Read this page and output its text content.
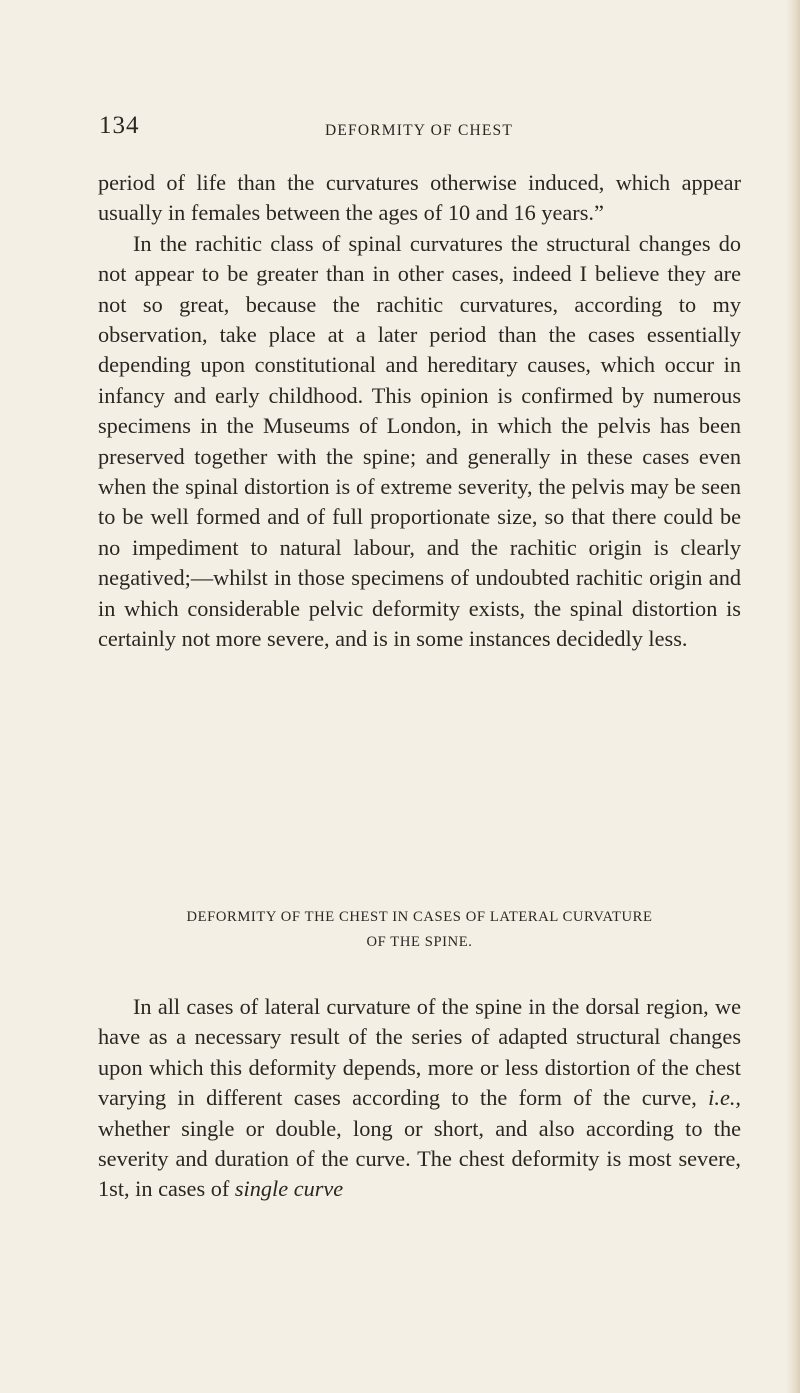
134	DEFORMITY OF CHEST

period of life than the curvatures otherwise induced, which appear usually in females between the ages of 10 and 16 years.”

In the rachitic class of spinal curvatures the structural changes do not appear to be greater than in other cases, indeed I believe they are not so great, because the rachitic curvatures, according to my observation, take place at a later period than the cases essentially depending upon constitutional and hereditary causes, which occur in infancy and early childhood. This opinion is confirmed by numerous specimens in the Museums of London, in which the pelvis has been preserved together with the spine; and generally in these cases even when the spinal distortion is of extreme severity, the pelvis may be seen to be well formed and of full proportionate size, so that there could be no impediment to natural labour, and the rachitic origin is clearly negatived;—whilst in those specimens of undoubted rachitic origin and in which considerable pelvic deformity exists, the spinal distortion is certainly not more severe, and is in some instances decidedly less.

DEFORMITY OF THE CHEST IN CASES OF LATERAL CURVATURE
OF THE SPINE.

In all cases of lateral curvature of the spine in the dorsal region, we have as a necessary result of the series of adapted structural changes upon which this deformity depends, more or less distortion of the chest varying in different cases according to the form of the curve, i.e., whether single or double, long or short, and also according to the severity and duration of the curve. The chest deformity is most severe, 1st, in cases of single curve
